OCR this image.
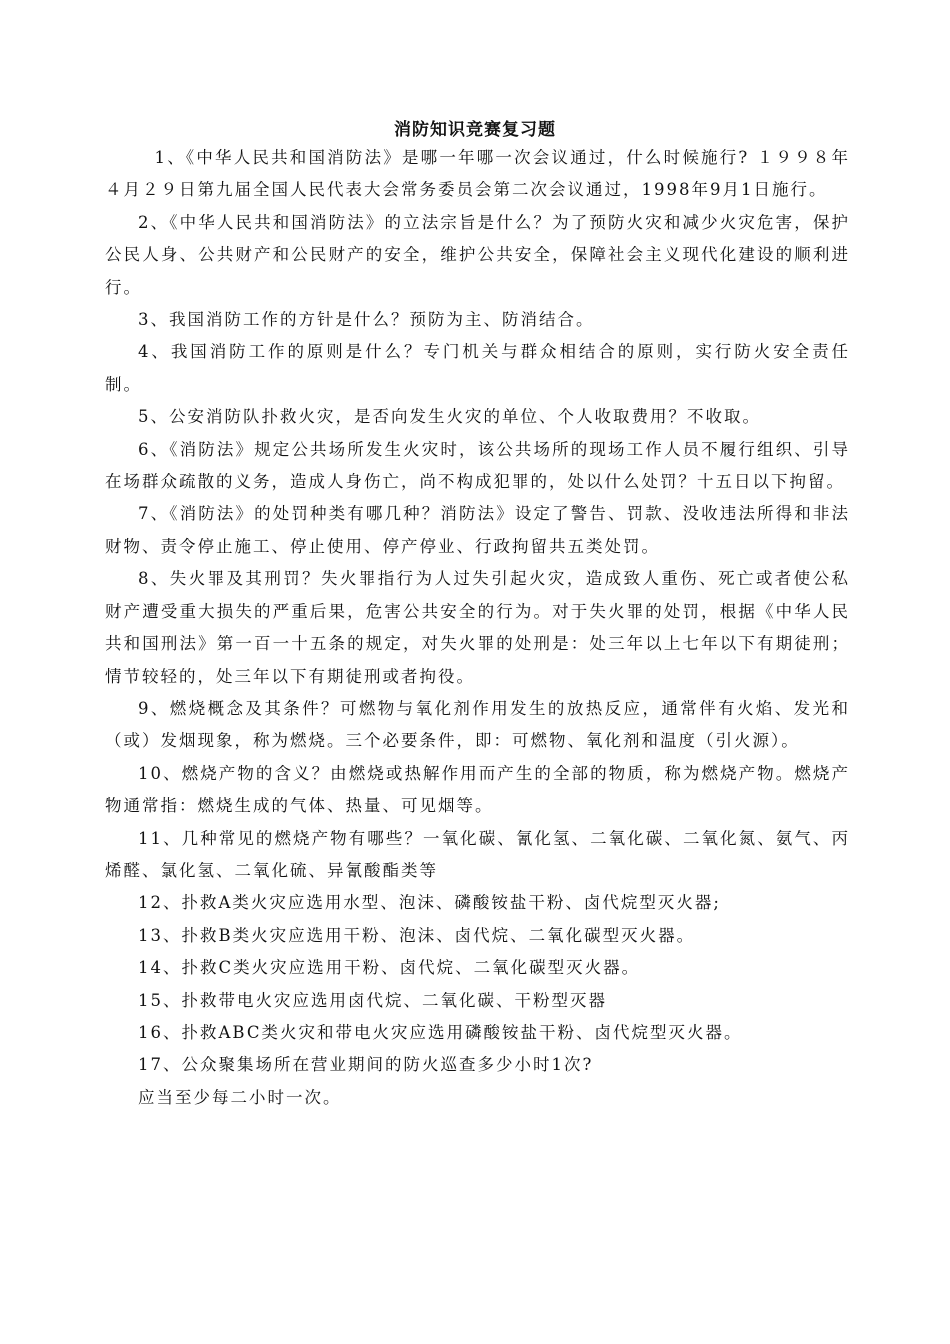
消防知识竞赛复习题

1、《中华人民共和国消防法》是哪一年哪一次会议通过，什么时候施行? １９９８年４月２９日第九届全国人民代表大会常务委员会第二次会议通过，1998年9月1日施行。

2、《中华人民共和国消防法》的立法宗旨是什么？为了预防火灾和减少火灾危害，保护公民人身、公共财产和公民财产的安全，维护公共安全，保障社会主义现代化建设的顺利进行。

3、我国消防工作的方针是什么？预防为主、防消结合。

4、我国消防工作的原则是什么？专门机关与群众相结合的原则，实行防火安全责任制。

5、公安消防队扑救火灾，是否向发生火灾的单位、个人收取费用？不收取。

6、《消防法》规定公共场所发生火灾时，该公共场所的现场工作人员不履行组织、引导在场群众疏散的义务，造成人身伤亡，尚不构成犯罪的，处以什么处罚？十五日以下拘留。

7、《消防法》的处罚种类有哪几种？消防法》设定了警告、罚款、没收违法所得和非法财物、责令停止施工、停止使用、停产停业、行政拘留共五类处罚。

8、失火罪及其刑罚？失火罪指行为人过失引起火灾，造成致人重伤、死亡或者使公私财产遭受重大损失的严重后果，危害公共安全的行为。对于失火罪的处罚，根据《中华人民共和国刑法》第一百一十五条的规定，对失火罪的处刑是：处三年以上七年以下有期徒刑；情节较轻的，处三年以下有期徒刑或者拘役。

9、燃烧概念及其条件？可燃物与氧化剂作用发生的放热反应，通常伴有火焰、发光和（或）发烟现象，称为燃烧。三个必要条件，即：可燃物、氧化剂和温度（引火源）。

10、燃烧产物的含义？由燃烧或热解作用而产生的全部的物质，称为燃烧产物。燃烧产物通常指：燃烧生成的气体、热量、可见烟等。

11、几种常见的燃烧产物有哪些？一氧化碳、氰化氢、二氧化碳、二氧化氮、氨气、丙烯醛、氯化氢、二氧化硫、异氰酸酯类等

12、扑救A类火灾应选用水型、泡沫、磷酸铵盐干粉、卤代烷型灭火器;

13、扑救B类火灾应选用干粉、泡沫、卤代烷、二氧化碳型灭火器。

14、扑救C类火灾应选用干粉、卤代烷、二氧化碳型灭火器。

15、扑救带电火灾应选用卤代烷、二氧化碳、干粉型灭器

16、扑救ABC类火灾和带电火灾应选用磷酸铵盐干粉、卤代烷型灭火器。

17、公众聚集场所在营业期间的防火巡查多少小时1次?

应当至少每二小时一次。
